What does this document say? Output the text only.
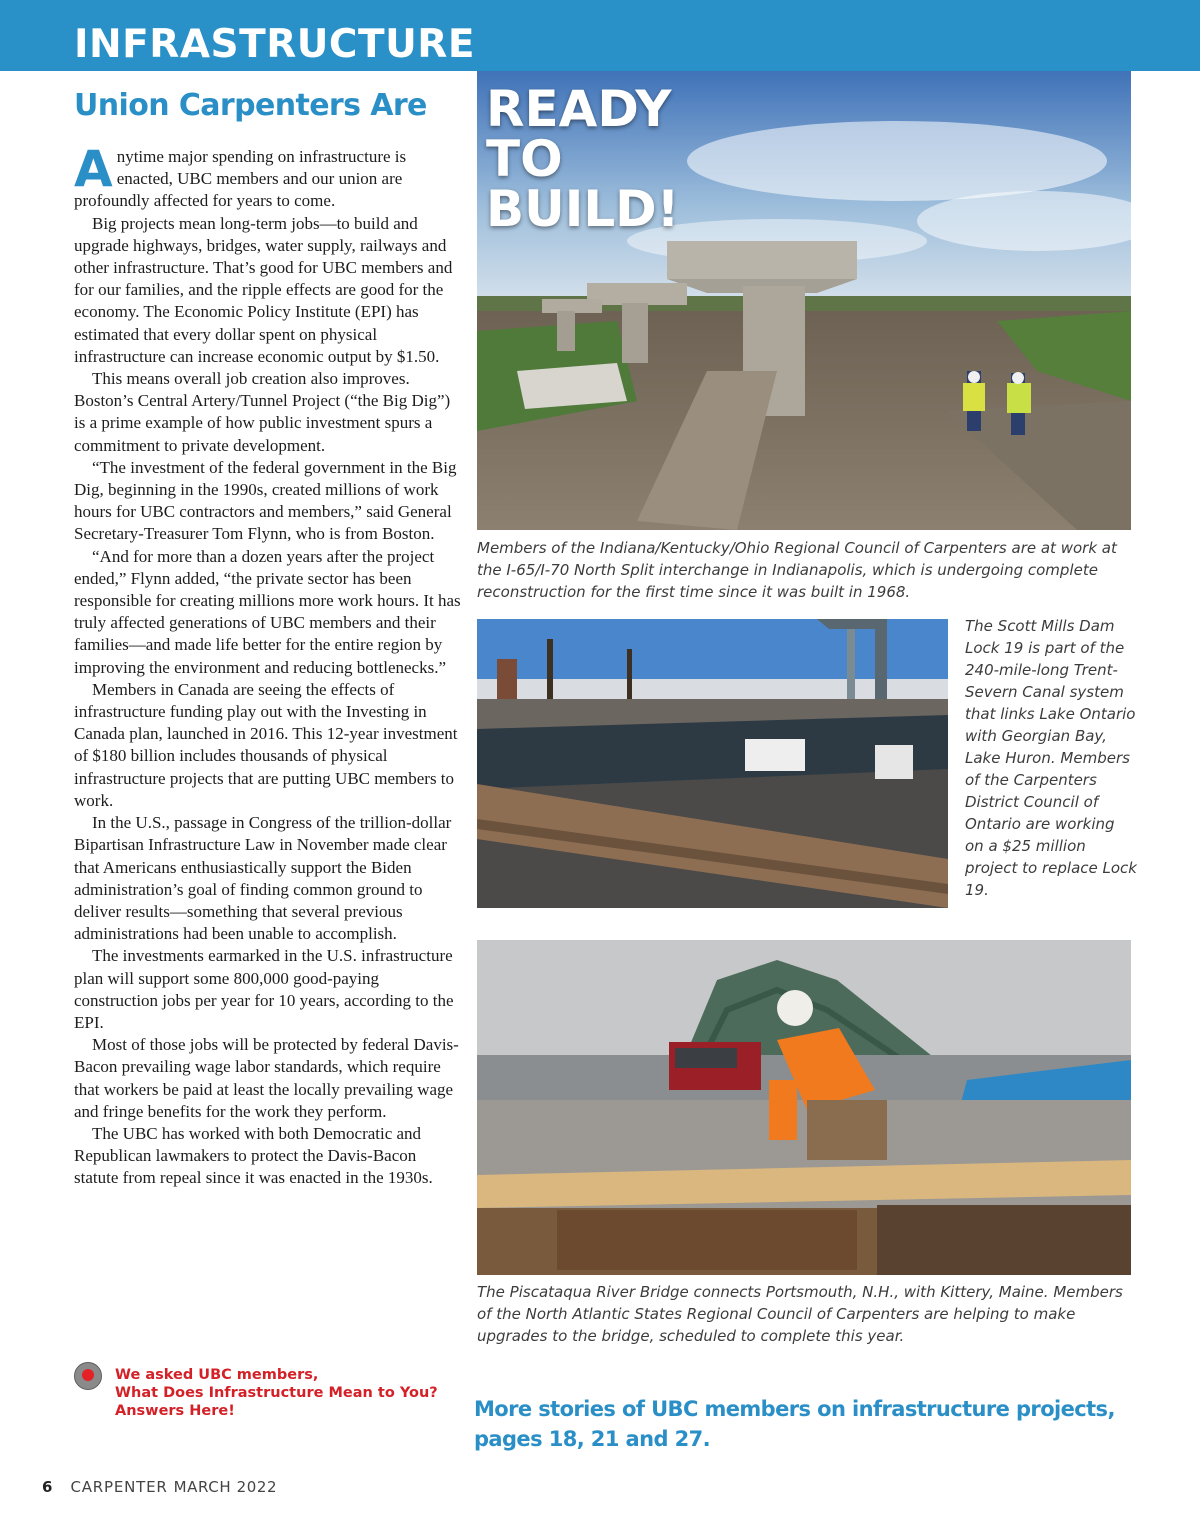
INFRASTRUCTURE
Union Carpenters Are READY
TO
BUILD!

Members of the Indiana/Kentucky/Ohio Regional Council of Carpenters are at work at the I-65/I-70 North Split interchange in Indianapolis, which is undergoing complete reconstruction for the first time since it was built in 1968.

The Scott Mills Dam Lock 19 is part of the 240-mile-long Trent-Severn Canal system that links Lake Ontario with Georgian Bay, Lake Huron. Members of the Carpenters District Council of Ontario are working on a $25 million project to replace Lock 19.

The Piscataqua River Bridge connects Portsmouth, N.H., with Kittery, Maine. Members of the North Atlantic States Regional Council of Carpenters are helping to make upgrades to the bridge, scheduled to complete this year.

Anytime major spending on infrastructure is enacted, UBC members and our union are profoundly affected for years to come.

Big projects mean long-term jobs—to build and upgrade highways, bridges, water supply, railways and other infrastructure. That’s good for UBC members and for our families, and the ripple effects are good for the economy. The Economic Policy Institute (EPI) has estimated that every dollar spent on physical infrastructure can increase economic output by $1.50.

This means overall job creation also improves. Boston’s Central Artery/Tunnel Project (“the Big Dig”) is a prime example of how public investment spurs a commitment to private development.

“The investment of the federal government in the Big Dig, beginning in the 1990s, created millions of work hours for UBC contractors and members,” said General Secretary-Treasurer Tom Flynn, who is from Boston.

“And for more than a dozen years after the project ended,” Flynn added, “the private sector has been responsible for creating millions more work hours. It has truly affected generations of UBC members and their families—and made life better for the entire region by improving the environment and reducing bottlenecks.”

Members in Canada are seeing the effects of infrastructure funding play out with the Investing in Canada plan, launched in 2016. This 12-year investment of $180 billion includes thousands of physical infrastructure projects that are putting UBC members to work.

In the U.S., passage in Congress of the trillion-dollar Bipartisan Infrastructure Law in November made clear that Americans enthusiastically support the Biden administration’s goal of finding common ground to deliver results—something that several previous administrations had been unable to accomplish.

The investments earmarked in the U.S. infrastructure plan will support some 800,000 good-paying construction jobs per year for 10 years, according to the EPI.

Most of those jobs will be protected by federal Davis-Bacon prevailing wage labor standards, which require that workers be paid at least the locally prevailing wage and fringe benefits for the work they perform.

The UBC has worked with both Democratic and Republican lawmakers to protect the Davis-Bacon statute from repeal since it was enacted in the 1930s.

We asked UBC members,
What Does Infrastructure Mean to You?
Answers Here!	More stories of UBC members on infrastructure projects,
pages 18, 21 and 27.
6 CARPENTER MARCH 2022
